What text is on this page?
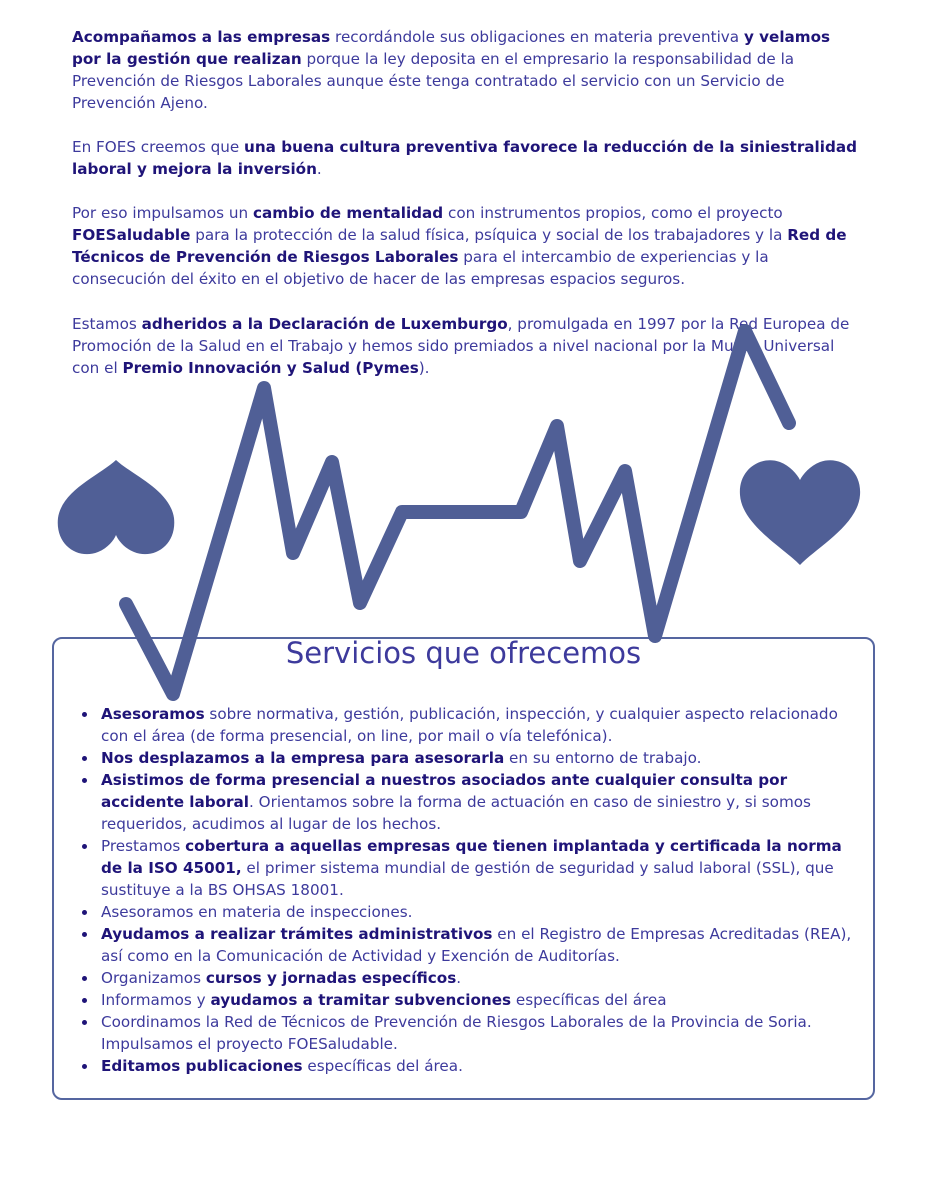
Acompañamos a las empresas recordándole sus obligaciones en materia preventiva y velamos por la gestión que realizan porque la ley deposita en el empresario la responsabilidad de la Prevención de Riesgos Laborales aunque éste tenga contratado el servicio con un Servicio de Prevención Ajeno.

En FOES creemos que una buena cultura preventiva favorece la reducción de la siniestralidad laboral y mejora la inversión.

Por eso impulsamos un cambio de mentalidad con instrumentos propios, como el proyecto FOESaludable para la protección de la salud física, psíquica y social de los trabajadores y la Red de Técnicos de Prevención de Riesgos Laborales para el intercambio de experiencias y la consecución del éxito en el objetivo de hacer de las empresas espacios seguros.

Estamos adheridos a la Declaración de Luxemburgo, promulgada en 1997 por la Red Europea de Promoción de la Salud en el Trabajo y hemos sido premiados a nivel nacional por la Mutua Universal con el Premio Innovación y Salud (Pymes).

Servicios que ofrecemos
Asesoramos sobre normativa, gestión, publicación, inspección, y cualquier aspecto relacionado con el área (de forma presencial, on line, por mail o vía telefónica).
Nos desplazamos a la empresa para asesorarla en su entorno de trabajo.
Asistimos de forma presencial a nuestros asociados ante cualquier consulta por accidente laboral. Orientamos sobre la forma de actuación en caso de siniestro y, si somos requeridos, acudimos al lugar de los hechos.
Prestamos cobertura a aquellas empresas que tienen implantada y certificada la norma de la ISO 45001, el primer sistema mundial de gestión de seguridad y salud laboral (SSL), que sustituye a la BS OHSAS 18001.
Asesoramos en materia de inspecciones.
Ayudamos a realizar trámites administrativos en el Registro de Empresas Acreditadas (REA), así como en la Comunicación de Actividad y Exención de Auditorías.
Organizamos cursos y jornadas específicos.
Informamos y ayudamos a tramitar subvenciones específicas del área
Coordinamos la Red de Técnicos de Prevención de Riesgos Laborales de la Provincia de Soria. Impulsamos el proyecto FOESaludable.
Editamos publicaciones específicas del área.
